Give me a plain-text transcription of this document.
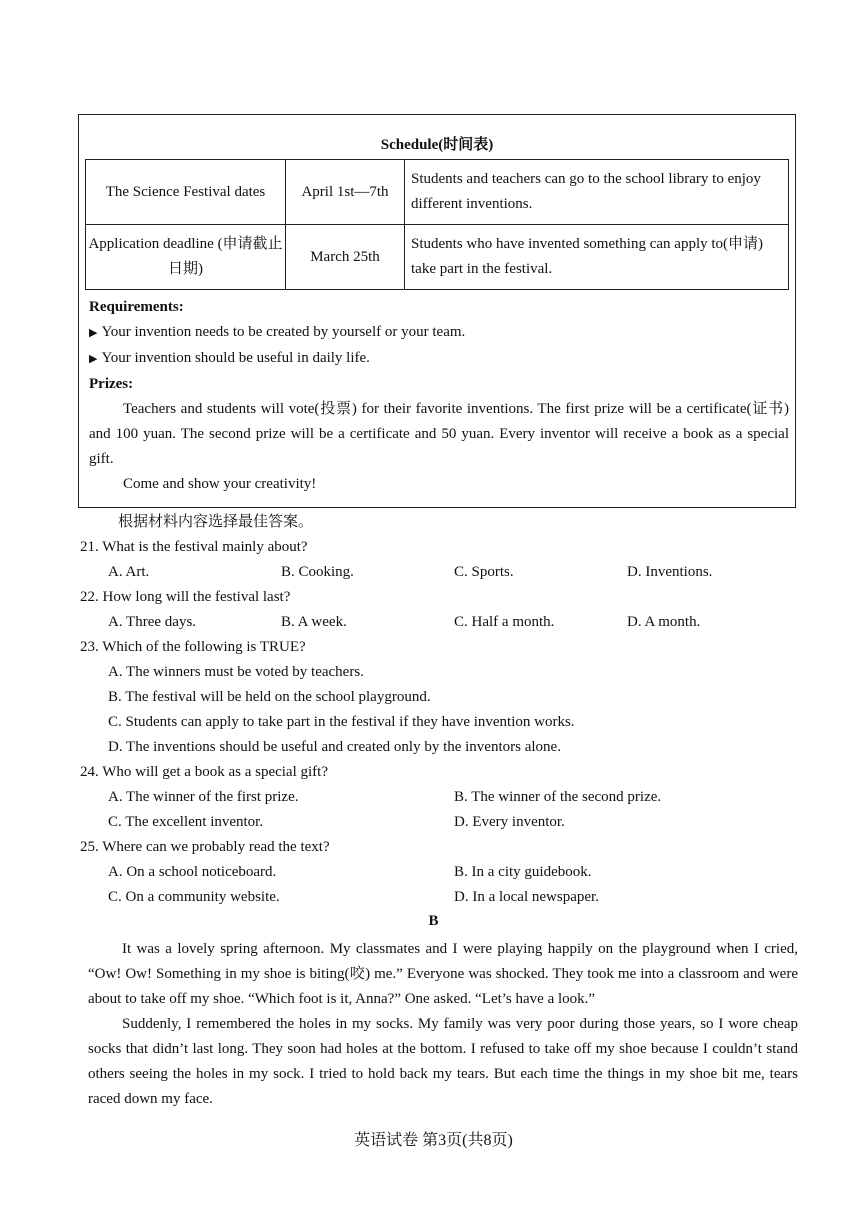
Schedule(时间表)
The Science Festival dates	April 1st—7th	Students and teachers can go to the school library to enjoy different inventions.
Application deadline (申请截止日期)	March 25th	Students who have invented something can apply to(申请) take part in the festival.

Requirements:

▶ Your invention needs to be created by yourself or your team.

▶ Your invention should be useful in daily life.

Prizes:

Teachers and students will vote(投票) for their favorite inventions. The first prize will be a certificate(证书) and 100 yuan. The second prize will be a certificate and 50 yuan. Every inventor will receive a book as a special gift.

Come and show your creativity!

根据材料内容选择最佳答案。

21. What is the festival mainly about?

A. Art.	B. Cooking.	C. Sports.	D. Inventions.

22. How long will the festival last?

A. Three days.	B. A week.	C. Half a month.	D. A month.

23. Which of the following is TRUE?

A. The winners must be voted by teachers.

B. The festival will be held on the school playground.

C. Students can apply to take part in the festival if they have invention works.

D. The inventions should be useful and created only by the inventors alone.

24. Who will get a book as a special gift?

A. The winner of the first prize.	B. The winner of the second prize.
C. The excellent inventor.	D. Every inventor.

25. Where can we probably read the text?

A. On a school noticeboard.	B. In a city guidebook.
C. On a community website.	D. In a local newspaper.
B

It was a lovely spring afternoon. My classmates and I were playing happily on the playground when I cried, “Ow! Ow! Something in my shoe is biting(咬) me.” Everyone was shocked. They took me into a classroom and were about to take off my shoe. “Which foot is it, Anna?” One asked. “Let’s have a look.”

Suddenly, I remembered the holes in my socks. My family was very poor during those years, so I wore cheap socks that didn’t last long. They soon had holes at the bottom. I refused to take off my shoe because I couldn’t stand others seeing the holes in my sock. I tried to hold back my tears. But each time the things in my shoe bit me, tears raced down my face.

英语试卷 第3页(共8页)
